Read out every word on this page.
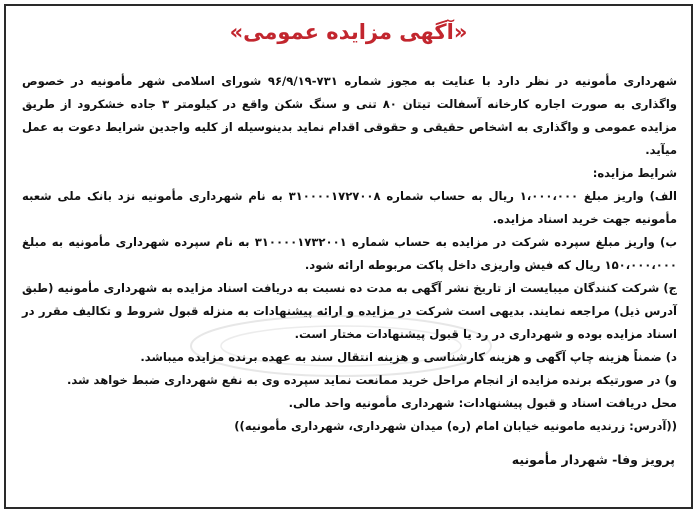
«آگهی مزایده عمومی»

شهرداری مأمونیه در نظر دارد با عنایت به مجوز شماره ۷۳۱-۹۶/۹/۱۹ شورای اسلامی شهر مأمونیه در خصوص واگذاری به صورت اجاره کارخانه آسفالت تیتان ۸۰ تنی و سنگ شکن واقع در کیلومتر ۳ جاده خشکرود از طریق مزایده عمومی و واگذاری به اشخاص حقیقی و حقوقی اقدام نماید بدینوسیله از کلیه واجدین شرایط دعوت به عمل میآید.

شرایط مزایده:

الف) واریز مبلغ ۱،۰۰۰،۰۰۰ ریال به حساب شماره ۳۱۰۰۰۰۱۷۲۷۰۰۸ به نام شهرداری مأمونیه نزد بانک ملی شعبه مأمونیه جهت خرید اسناد مزایده.

ب) واریز مبلغ سپرده شرکت در مزایده به حساب شماره ۳۱۰۰۰۰۱۷۳۲۰۰۱ به نام سپرده شهرداری مأمونیه به مبلغ ۱۵۰،۰۰۰،۰۰۰ ریال که فیش واریزی داخل پاکت مربوطه ارائه شود.

ج) شرکت کنندگان میبایست از تاریخ نشر آگهی به مدت ده نسبت به دریافت اسناد مزایده به شهرداری مأمونیه (طبق آدرس ذیل) مراجعه نمایند. بدیهی است شرکت در مزایده و ارائه پیشنهادات به منزله قبول شروط و تکالیف مقرر در اسناد مزایده بوده و شهرداری در رد یا قبول پیشنهادات مختار است.

د) ضمناً هزینه چاپ آگهی و هزینه کارشناسی و هزینه انتقال سند به عهده برنده مزایده میباشد.

و) در صورتیکه برنده مزایده از انجام مراحل خرید ممانعت نماید سپرده وی به نفع شهرداری ضبط خواهد شد.

محل دریافت اسناد و قبول پیشنهادات: شهرداری مأمونیه واحد مالی.

((آدرس: زرندیه مامونیه خیابان امام (ره) میدان شهرداری، شهرداری مأمونیه))

پرویز وفا- شهردار مأمونیه
